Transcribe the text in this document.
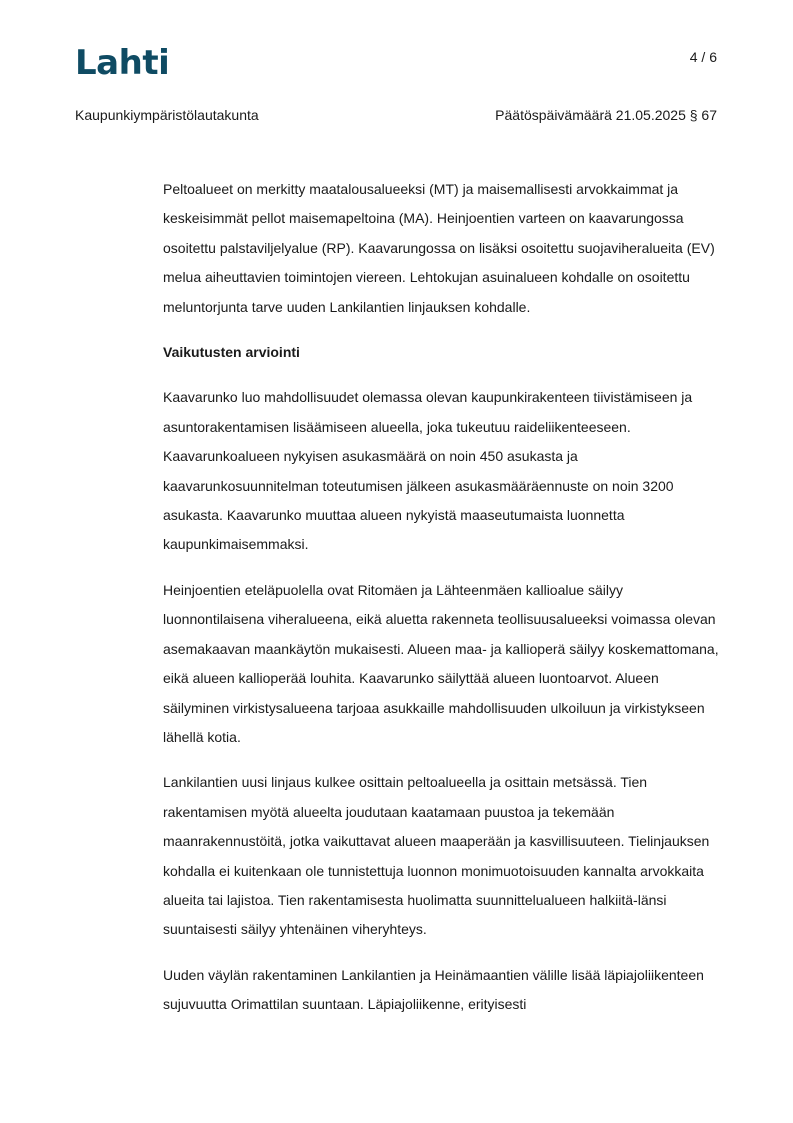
Lahti	4 / 6
Kaupunkiympäristölautakunta	Päätöspäivämäärä 21.05.2025 § 67

Peltoalueet on merkitty maatalousalueeksi (MT) ja maisemallisesti arvokkaimmat ja keskeisimmät pellot maisemapeltoina (MA). Heinjoentien varteen on kaavarungossa osoitettu palstaviljelyalue (RP). Kaavarungossa on lisäksi osoitettu suojaviheralueita (EV) melua aiheuttavien toimintojen viereen. Lehtokujan asuinalueen kohdalle on osoitettu meluntorjunta tarve uuden Lankilantien linjauksen kohdalle.

Vaikutusten arviointi

Kaavarunko luo mahdollisuudet olemassa olevan kaupunkirakenteen tiivistämiseen ja asuntorakentamisen lisäämiseen alueella, joka tukeutuu raideliikenteeseen. Kaavarunkoalueen nykyisen asukasmäärä on noin 450 asukasta ja kaavarunkosuunnitelman toteutumisen jälkeen asukasmääräennuste on noin 3200 asukasta. Kaavarunko muuttaa alueen nykyistä maaseutumaista luonnetta kaupunkimaisemmaksi.

Heinjoentien eteläpuolella ovat Ritomäen ja Lähteenmäen kallioalue säilyy luonnontilaisena viheralueena, eikä aluetta rakenneta teollisuusalueeksi voimassa olevan asemakaavan maankäytön mukaisesti. Alueen maa- ja kallioperä säilyy koskemattomana, eikä alueen kallioperää louhita. Kaavarunko säilyttää alueen luontoarvot. Alueen säilyminen virkistysalueena tarjoaa asukkaille mahdollisuuden ulkoiluun ja virkistykseen lähellä kotia.

Lankilantien uusi linjaus kulkee osittain peltoalueella ja osittain metsässä. Tien rakentamisen myötä alueelta joudutaan kaatamaan puustoa ja tekemään maanrakennustöitä, jotka vaikuttavat alueen maaperään ja kasvillisuuteen. Tielinjauksen kohdalla ei kuitenkaan ole tunnistettuja luonnon monimuotoisuuden kannalta arvokkaita alueita tai lajistoa. Tien rakentamisesta huolimatta suunnittelualueen halkiitä-länsi suuntaisesti säilyy yhtenäinen viheryhteys.

Uuden väylän rakentaminen Lankilantien ja Heinämaantien välille lisää läpiajoliikenteen sujuvuutta Orimattilan suuntaan. Läpiajoliikenne, erityisesti
